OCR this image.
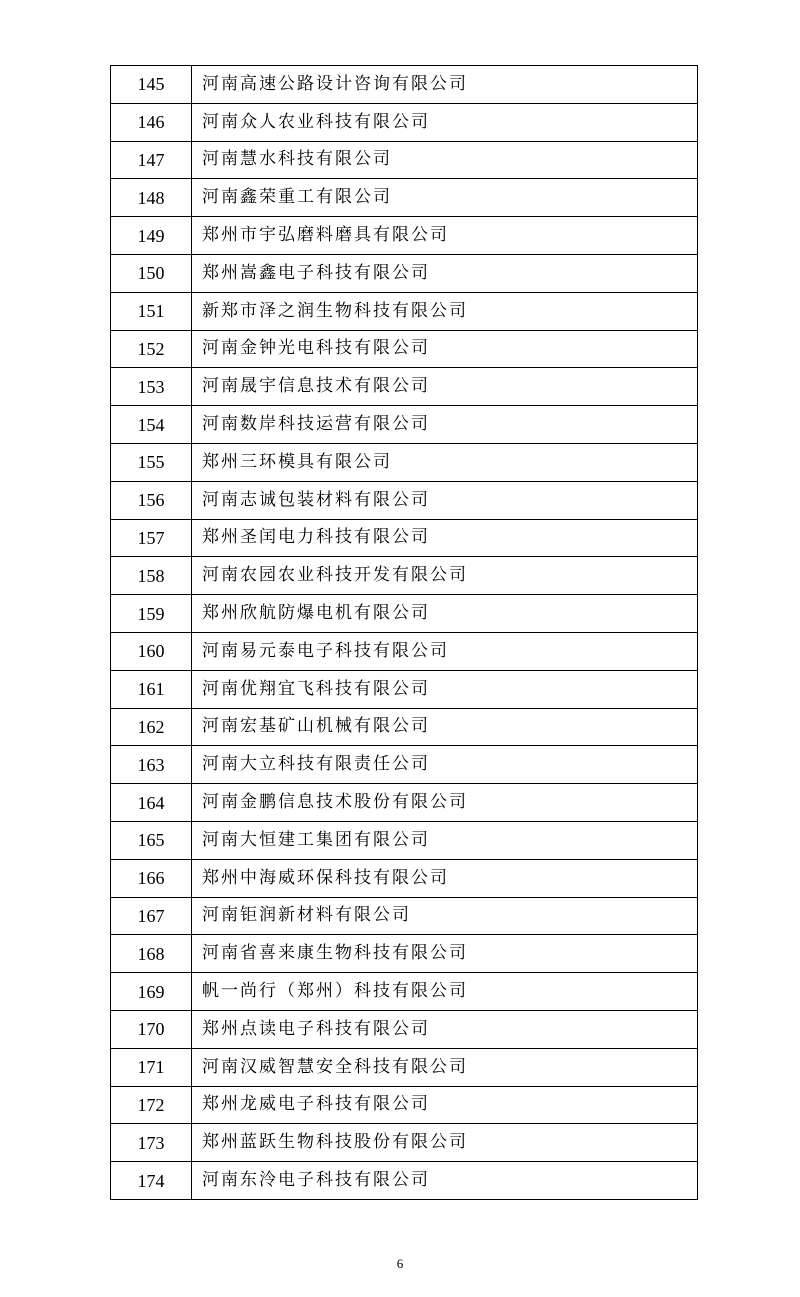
145	河南高速公路设计咨询有限公司
146	河南众人农业科技有限公司
147	河南慧水科技有限公司
148	河南鑫荣重工有限公司
149	郑州市宇弘磨料磨具有限公司
150	郑州嵩鑫电子科技有限公司
151	新郑市泽之润生物科技有限公司
152	河南金钟光电科技有限公司
153	河南晟宇信息技术有限公司
154	河南数岸科技运营有限公司
155	郑州三环模具有限公司
156	河南志诚包装材料有限公司
157	郑州圣闰电力科技有限公司
158	河南农园农业科技开发有限公司
159	郑州欣航防爆电机有限公司
160	河南易元泰电子科技有限公司
161	河南优翔宜飞科技有限公司
162	河南宏基矿山机械有限公司
163	河南大立科技有限责任公司
164	河南金鹏信息技术股份有限公司
165	河南大恒建工集团有限公司
166	郑州中海威环保科技有限公司
167	河南钜润新材料有限公司
168	河南省喜来康生物科技有限公司
169	帆一尚行（郑州）科技有限公司
170	郑州点读电子科技有限公司
171	河南汉威智慧安全科技有限公司
172	郑州龙威电子科技有限公司
173	郑州蓝跃生物科技股份有限公司
174	河南东泠电子科技有限公司
6
